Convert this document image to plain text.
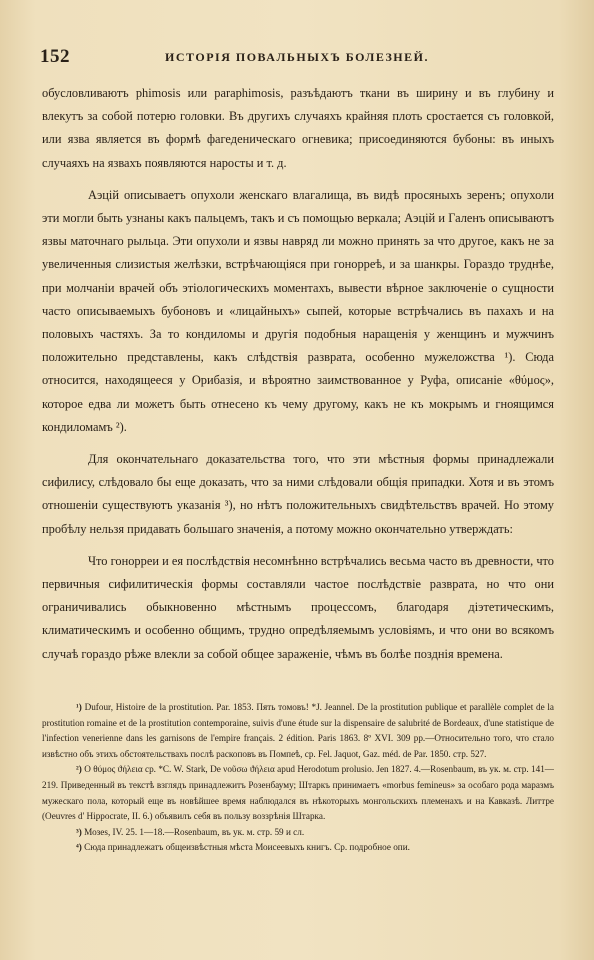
152	ИСТОРІЯ ПОВАЛЬНЫХЪ БОЛЕЗНЕЙ.

обусловливаютъ phimosis или paraphimosis, разъѣдаютъ ткани въ ширину и въ глубину и влекутъ за собой потерю головки. Въ другихъ случаяхъ крайняя плоть сростается съ головкой, или язва является въ формѣ фагеденическаго огневика; присоединяются бубоны: въ иныхъ случаяхъ на язвахъ появляются наросты и т. д.

Аэцій описываетъ опухоли женскаго влагалища, въ видѣ просяныхъ зеренъ; опухоли эти могли быть узнаны какъ пальцемъ, такъ и съ помощью веркала; Аэцій и Галенъ описываютъ язвы маточнаго рыльца. Эти опухоли и язвы навряд ли можно принять за что другое, какъ не за увеличенныя слизистыя желѣзки, встрѣчающіяся при гонорреѣ, и за шанкры. Гораздо труднѣе, при молчаніи врачей объ этіологическихъ моментахъ, вывести вѣрное заключеніе о сущности часто описываемыхъ бубоновъ и «лицайныхъ» сыпей, которые встрѣчались въ пахахъ и на половыхъ частяхъ. За то кондиломы и другія подобныя наращенія у женщинъ и мужчинъ положительно представлены, какъ слѣдствія разврата, особенно мужеложства ¹). Сюда относится, находящееся у Орибазія, и вѣроятно заимствованное у Руфа, описаніе «θύμος», которое едва ли можетъ быть отнесено къ чему другому, какъ не къ мокрымъ и гноящимся кондиломамъ ²).

Для окончательнаго доказательства того, что эти мѣстныя формы принадлежали сифилису, слѣдовало бы еще доказать, что за ними слѣдовали общія припадки. Хотя и въ этомъ отношеніи существуютъ указанія ³), но нѣтъ положительныхъ свидѣтельствъ врачей. Но этому пробѣлу нельзя придавать большаго значенія, а потому можно окончательно утверждать:

Что гонорреи и ея послѣдствія несомнѣнно встрѣчались весьма часто въ древности, что первичныя сифилитическія формы составляли частое послѣдствіе разврата, но что они ограничивались обыкновенно мѣстнымъ процессомъ, благодаря діэтетическимъ, климатическимъ и особенно общимъ, трудно опредѣляемымъ условіямъ, и что они во всякомъ случаѣ гораздо рѣже влекли за собой общее зараженіе, чѣмъ въ болѣе позднія времена.

¹) Dufour, Histoire de la prostitution. Par. 1853. Пять томовъ! *J. Jeannel. De la prostitution publique et parallèle complet de la prostitution romaine et de la prostitution contemporaine, suivis d'une étude sur la dispensaire de salubrité de Bordeaux, d'une statistique de l'infection venerienne dans les garnisons de l'empire français. 2 édition. Paris 1863. 8º XVI. 309 pp.—Относительно того, что стало извѣстно объ этихъ обстоятельствахъ послѣ раскоповъ въ Помпеѣ, ср. Fel. Jaquot, Gaz. méd. de Par. 1850. стр. 527.

²) О θύμος ϑήλεια ср. *C. W. Stark, De νοῦσω ϑήλεια apud Herodotum prolusio. Jen 1827. 4.—Rosenbaum, въ ук. м. стр. 141—219. Приведенный въ текстѣ взглядъ принадлежитъ Розенбауму; Штаркъ принимаетъ «morbus femineus» за особаго рода маразмъ мужескаго пола, который еще въ новѣйшее время наблюдался въ нѣкоторыхъ монгольскихъ племенахъ и на Кавказѣ. Литтре (Oeuvres d' Hippocrate, II. 6.) объявилъ себя въ пользу воззрѣнія Штарка.

³) Мозеs, IV. 25. 1—18.—Rosenbaum, въ ук. м. стр. 59 и сл.

⁴) Сюда принадлежатъ общеизвѣстныя мѣста Моисеевыхъ книгъ. Ср. подробное опи.
